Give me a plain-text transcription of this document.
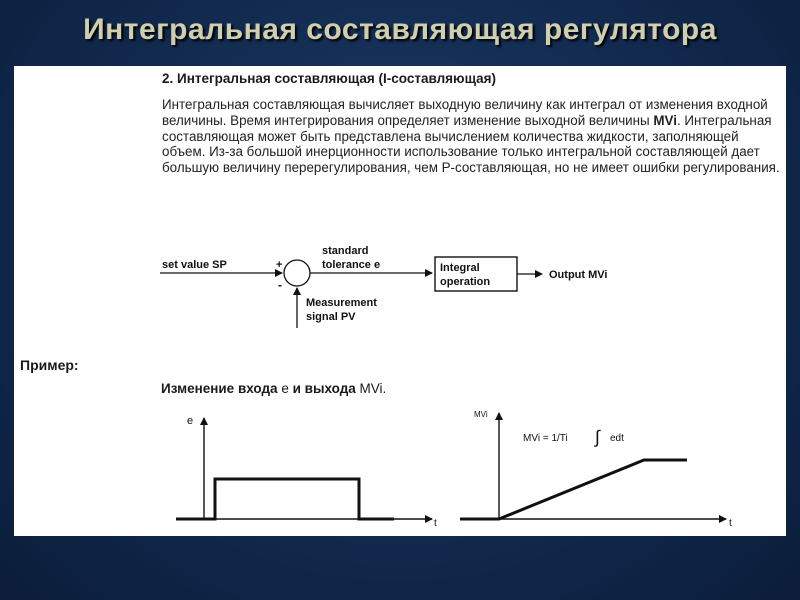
Интегральная составляющая регулятора
2. Интегральная составляющая (I-составляющая)
Интегральная составляющая вычисляет выходную величину как интеграл от изменения входной величины. Время интегрирования определяет изменение выходной величины MVi. Интегральная составляющая может быть представлена вычислением количества жидкости, заполняющей объем. Из-за большой инерционности использование только интегральной составляющей дает большую величину перерегулирования, чем P-составляющая, но не имеет ошибки регулирования.
set value SP	+
-
standard
tolerance e	Integral
operation
Output MVi
Measurement
signal PV
Пример:
Изменение входа e и выхода MVi.
e
t
MVi
t
MVi = 1/Ti ∫ edt
